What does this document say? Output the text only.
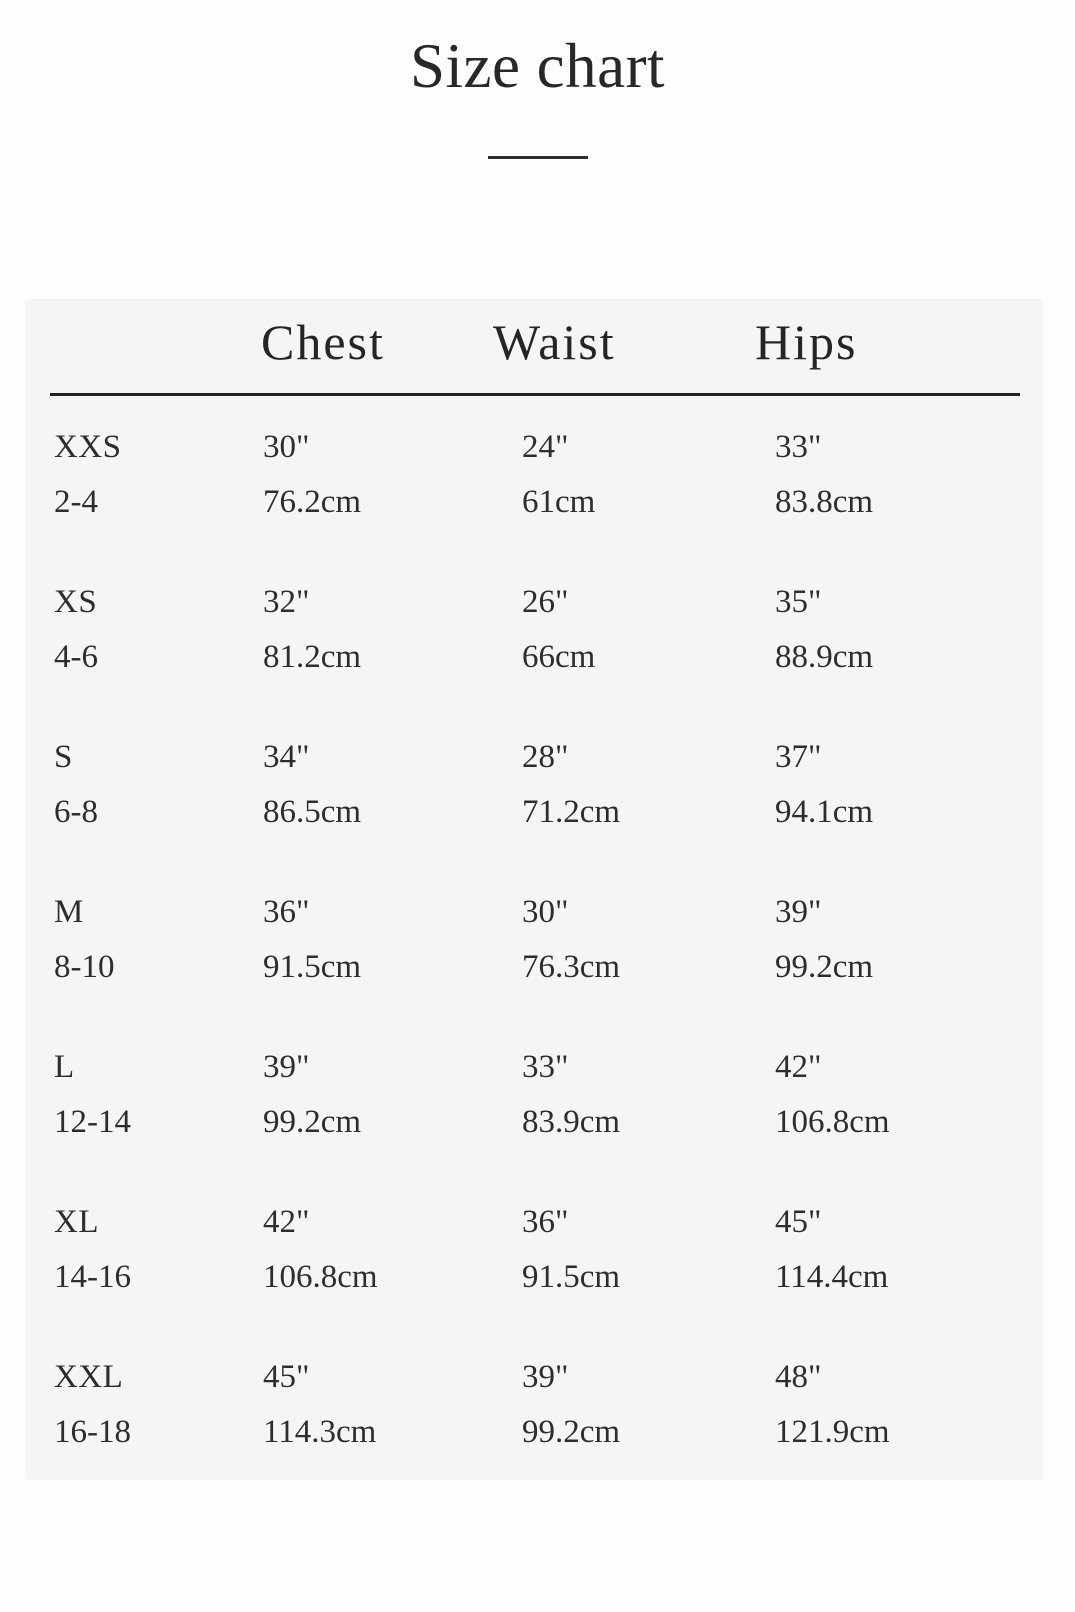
Size chart
Chest	Waist	Hips
XXS
2-4
30"
76.2cm
24"
61cm
33"
83.8cm
XS
4-6
32"
81.2cm
26"
66cm
35"
88.9cm
S
6-8
34"
86.5cm
28"
71.2cm
37"
94.1cm
M
8-10
36"
91.5cm
30"
76.3cm
39"
99.2cm
L
12-14
39"
99.2cm
33"
83.9cm
42"
106.8cm
XL
14-16
42"
106.8cm
36"
91.5cm
45"
114.4cm
XXL
16-18
45"
114.3cm
39"
99.2cm
48"
121.9cm
